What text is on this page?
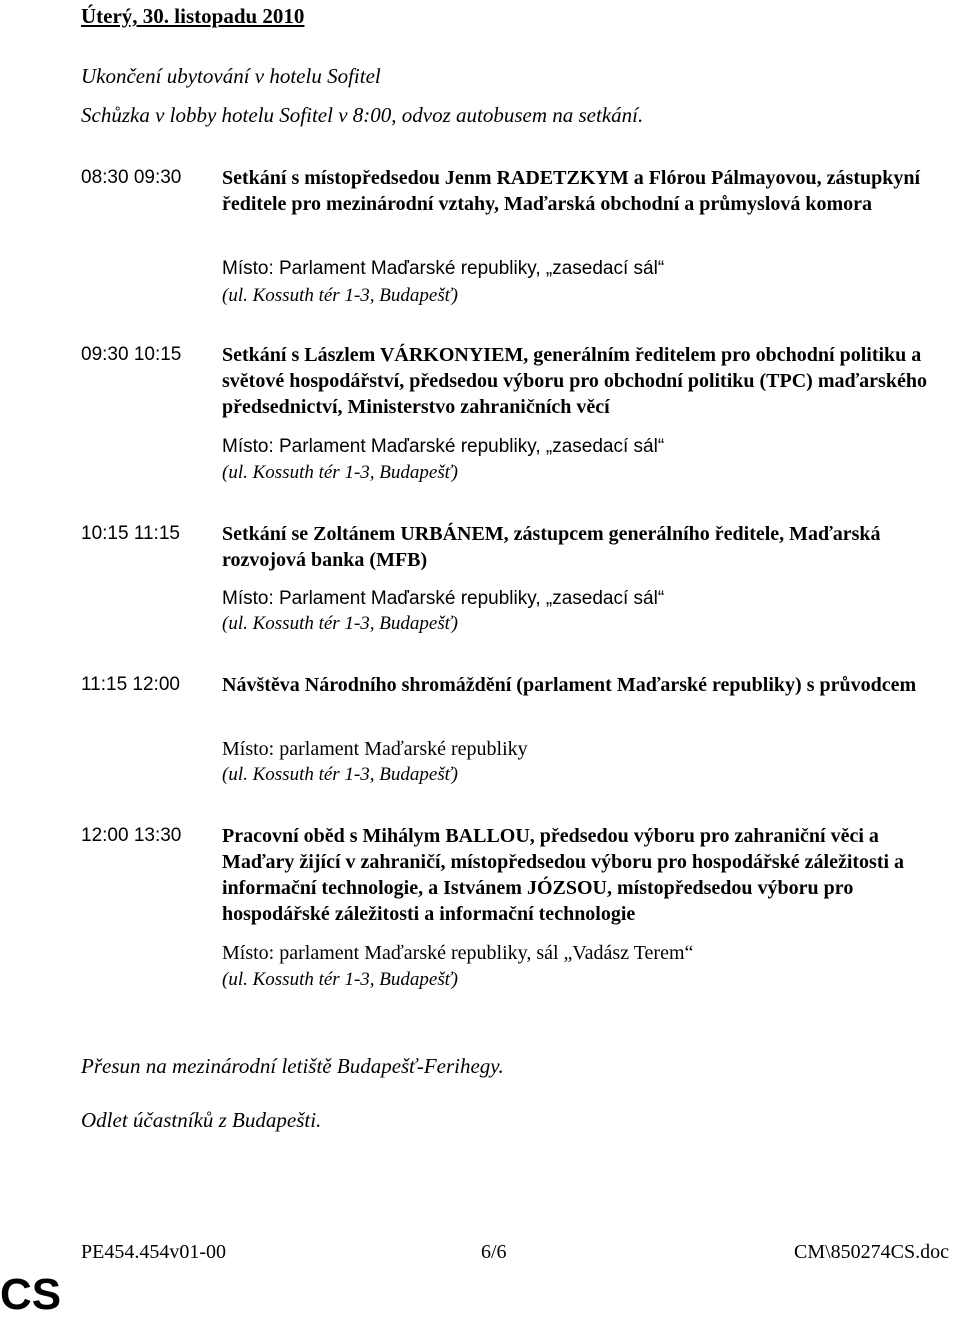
Úterý, 30. listopadu 2010
Ukončení ubytování v hotelu Sofitel
Schůzka v lobby hotelu Sofitel v 8:00, odvoz autobusem na setkání.
08:30 09:30 Setkání s místopředsedou Jenm RADETZKYM a Flórou Pálmayovou, zástupkyní ředitele pro mezinárodní vztahy, Maďarská obchodní a průmyslová komora
Místo: Parlament Maďarské republiky, „zasedací sál“
(ul. Kossuth tér 1-3, Budapešť)
09:30 10:15 Setkání s Lászlem VÁRKONYIEM, generálním ředitelem pro obchodní politiku a světové hospodářství, předsedou výboru pro obchodní politiku (TPC) maďarského předsednictví, Ministerstvo zahraničních věcí
Místo: Parlament Maďarské republiky, „zasedací sál“
(ul. Kossuth tér 1-3, Budapešť)
10:15 11:15 Setkání se Zoltánem URBÁNEM, zástupcem generálního ředitele, Maďarská rozvojová banka (MFB)
Místo: Parlament Maďarské republiky, „zasedací sál“
(ul. Kossuth tér 1-3, Budapešť)
11:15 12:00 Návštěva Národního shromáždění (parlament Maďarské republiky) s průvodcem
Místo: parlament Maďarské republiky
(ul. Kossuth tér 1-3, Budapešť)
12:00 13:30 Pracovní oběd s Mihálym BALLOU, předsedou výboru pro zahraniční věci a Maďary žijící v zahraničí, místopředsedou výboru pro hospodářské záležitosti a informační technologie, a Istvánem JÓZSOU, místopředsedou výboru pro hospodářské záležitosti a informační technologie
Místo: parlament Maďarské republiky, sál „Vadász Terem“
(ul. Kossuth tér 1-3, Budapešť)
Přesun na mezinárodní letiště Budapešť-Ferihegy.
Odlet účastníků z Budapešti.
PE454.454v01-00	6/6	CM\850274CS.doc
CS
